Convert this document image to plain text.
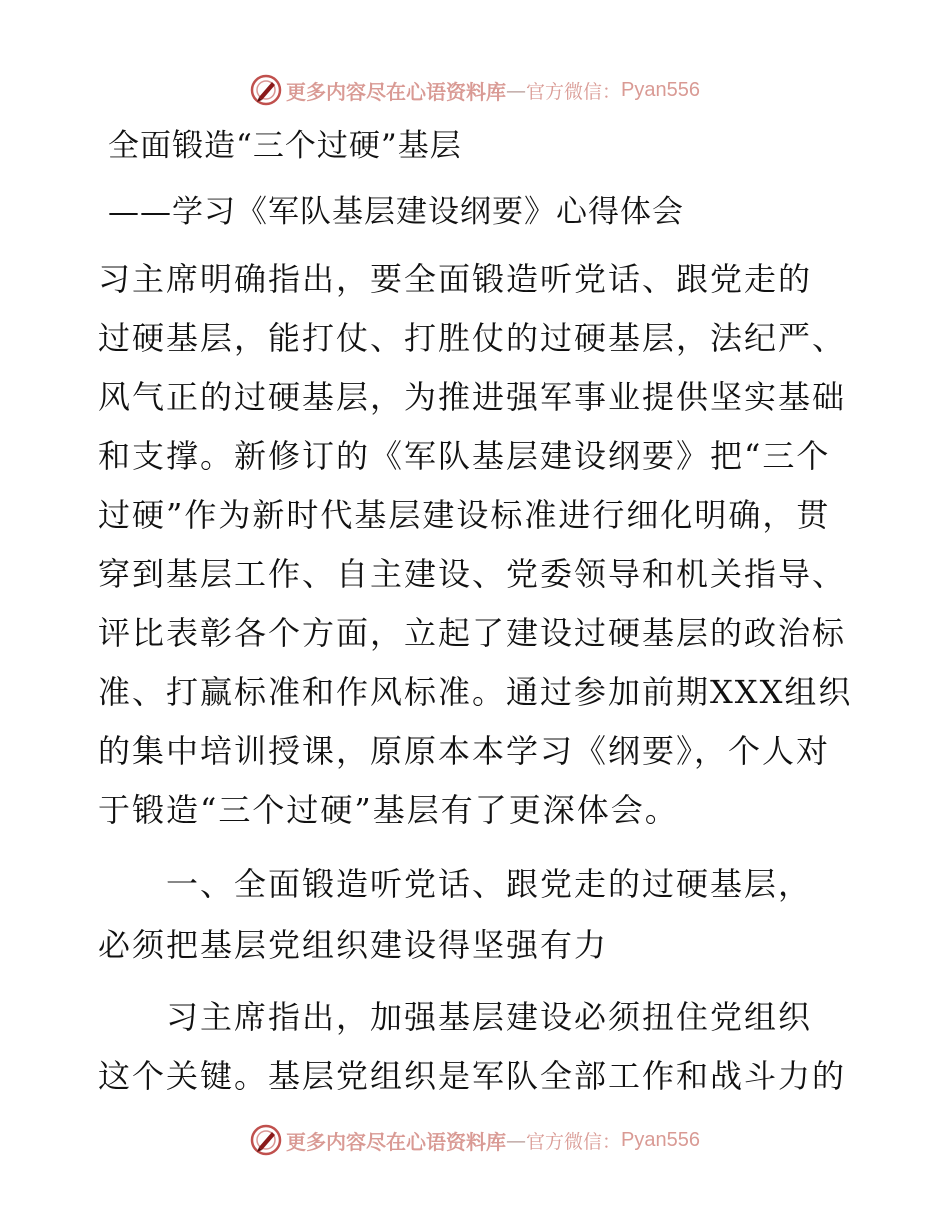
更多内容尽在心语资料库 — 官方微信： Pyan556
全面锻造“三个过硬”基层
——学习《军队基层建设纲要》心得体会
习主席明确指出，要全面锻造听党话、跟党走的
过硬基层，能打仗、打胜仗的过硬基层，法纪严、
风气正的过硬基层，为推进强军事业提供坚实基础
和支撑。新修订的《军队基层建设纲要》把“三个
过硬”作为新时代基层建设标准进行细化明确，贯
穿到基层工作、自主建设、党委领导和机关指导、
评比表彰各个方面，立起了建设过硬基层的政治标
准、打赢标准和作风标准。通过参加前期XXX组织
的集中培训授课，原原本本学习《纲要》，个人对
于锻造“三个过硬”基层有了更深体会。
　　一、全面锻造听党话、跟党走的过硬基层，
必须把基层党组织建设得坚强有力
　　习主席指出，加强基层建设必须扭住党组织
这个关键。基层党组织是军队全部工作和战斗力的
更多内容尽在心语资料库 — 官方微信： Pyan556
